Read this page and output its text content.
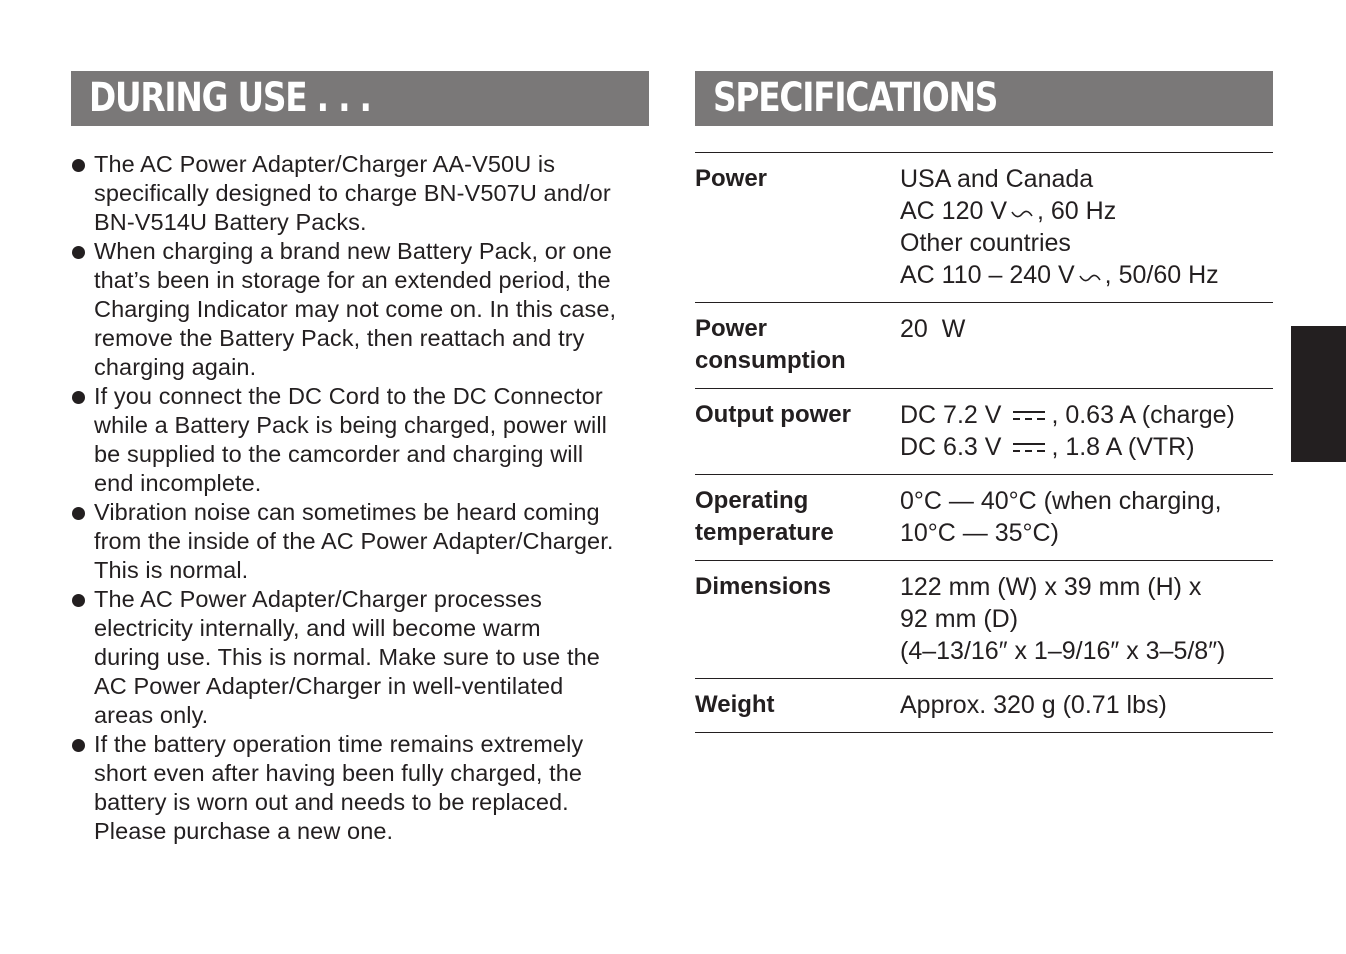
DURING USE . . .
The AC Power Adapter/Charger AA-V50U is
specifically designed to charge BN-V507U and/or
BN-V514U Battery Packs.
When charging a brand new Battery Pack, or one
that’s been in storage for an extended period, the
Charging Indicator may not come on. In this case,
remove the Battery Pack, then reattach and try
charging again.
If you connect the DC Cord to the DC Connector
while a Battery Pack is being charged, power will
be supplied to the camcorder and charging will
end incomplete.
Vibration noise can sometimes be heard coming
from the inside of the AC Power Adapter/Charger.
This is normal.
The AC Power Adapter/Charger processes
electricity internally, and will become warm
during use. This is normal. Make sure to use the
AC Power Adapter/Charger in well-ventilated
areas only.
If the battery operation time remains extremely
short even after having been fully charged, the
battery is worn out and needs to be replaced.
Please purchase a new one.
SPECIFICATIONS
Power	USA and Canada
AC 120 V , 60 Hz
Other countries
AC 110 – 240 V , 50/60 Hz
Power
consumption	20  W
Output power	DC 7.2 V , 0.63 A (charge)
DC 6.3 V , 1.8 A (VTR)
Operating
temperature	0°C — 40°C (when charging,
10°C — 35°C)
Dimensions	122 mm (W) x 39 mm (H) x
92 mm (D)
(4–13/16″ x 1–9/16″ x 3–5/8″)
Weight	Approx. 320 g (0.71 lbs)
